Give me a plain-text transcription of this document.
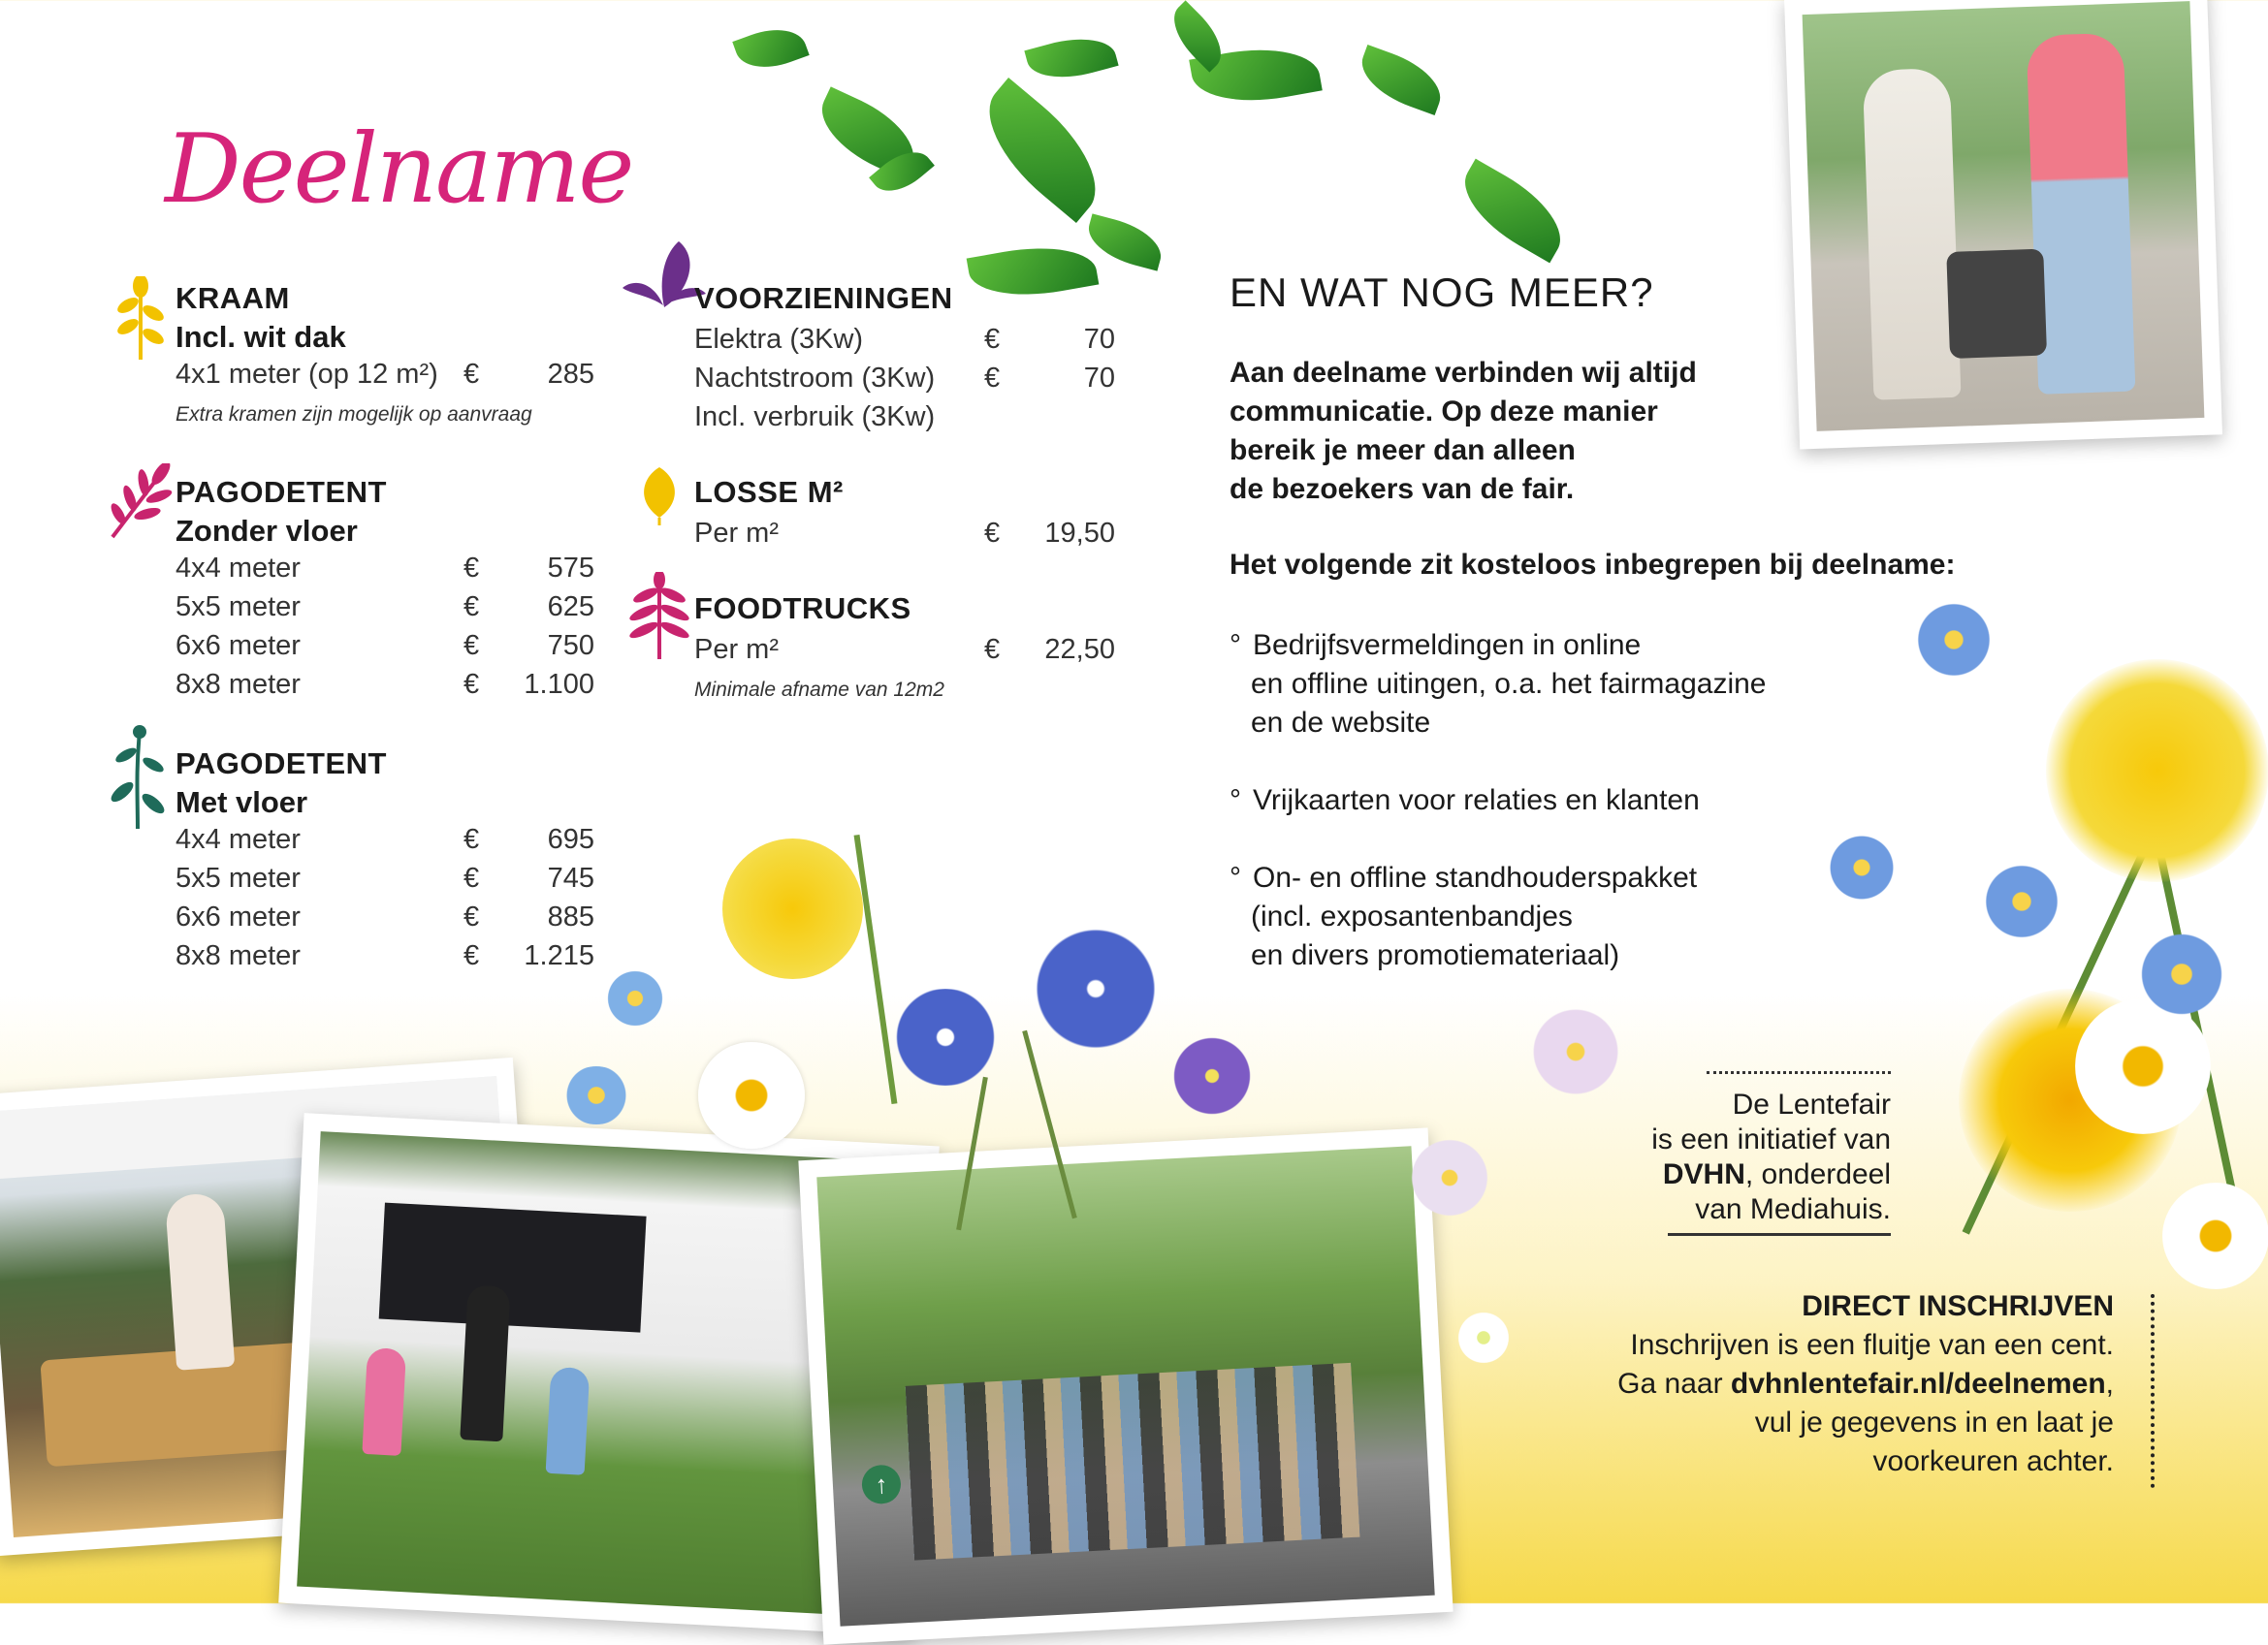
Deelname
KRAAM
Incl. wit dak
4x1 meter (op 12 m²) €	285
Extra kramen zijn mogelijk op aanvraag
PAGODETENT
Zonder vloer
4x4 meter	€	575
5x5 meter	€	625
6x6 meter	€	750
8x8 meter	€	1.100
PAGODETENT
Met vloer
4x4 meter	€	695
5x5 meter	€	745
6x6 meter	€	885
8x8 meter	€	1.215
VOORZIENINGEN
Elektra (3Kw)	€	70
Nachtstroom (3Kw)	€	70
Incl. verbruik (3Kw)
LOSSE M²
Per m²	€	19,50
FOODTRUCKS
Per m²	€	22,50
Minimale afname van 12m2
EN WAT NOG MEER?
Aan deelname verbinden wij altijd
communicatie. Op deze manier
bereik je meer dan alleen
de bezoekers van de fair.
Het volgende zit kosteloos inbegrepen bij deelname:
° Bedrijfsvermeldingen in online
en offline uitingen, o.a. het fairmagazine
en de website
° Vrijkaarten voor relaties en klanten
° On- en offline standhouderspakket
(incl. exposantenbandjes
en divers promotiemateriaal)
De Lentefair
is een initiatief van
DVHN, onderdeel
van Mediahuis.
DIRECT INSCHRIJVEN
Inschrijven is een fluitje van een cent.
Ga naar dvhnlentefair.nl/deelnemen,
vul je gegevens in en laat je
voorkeuren achter.
↑
